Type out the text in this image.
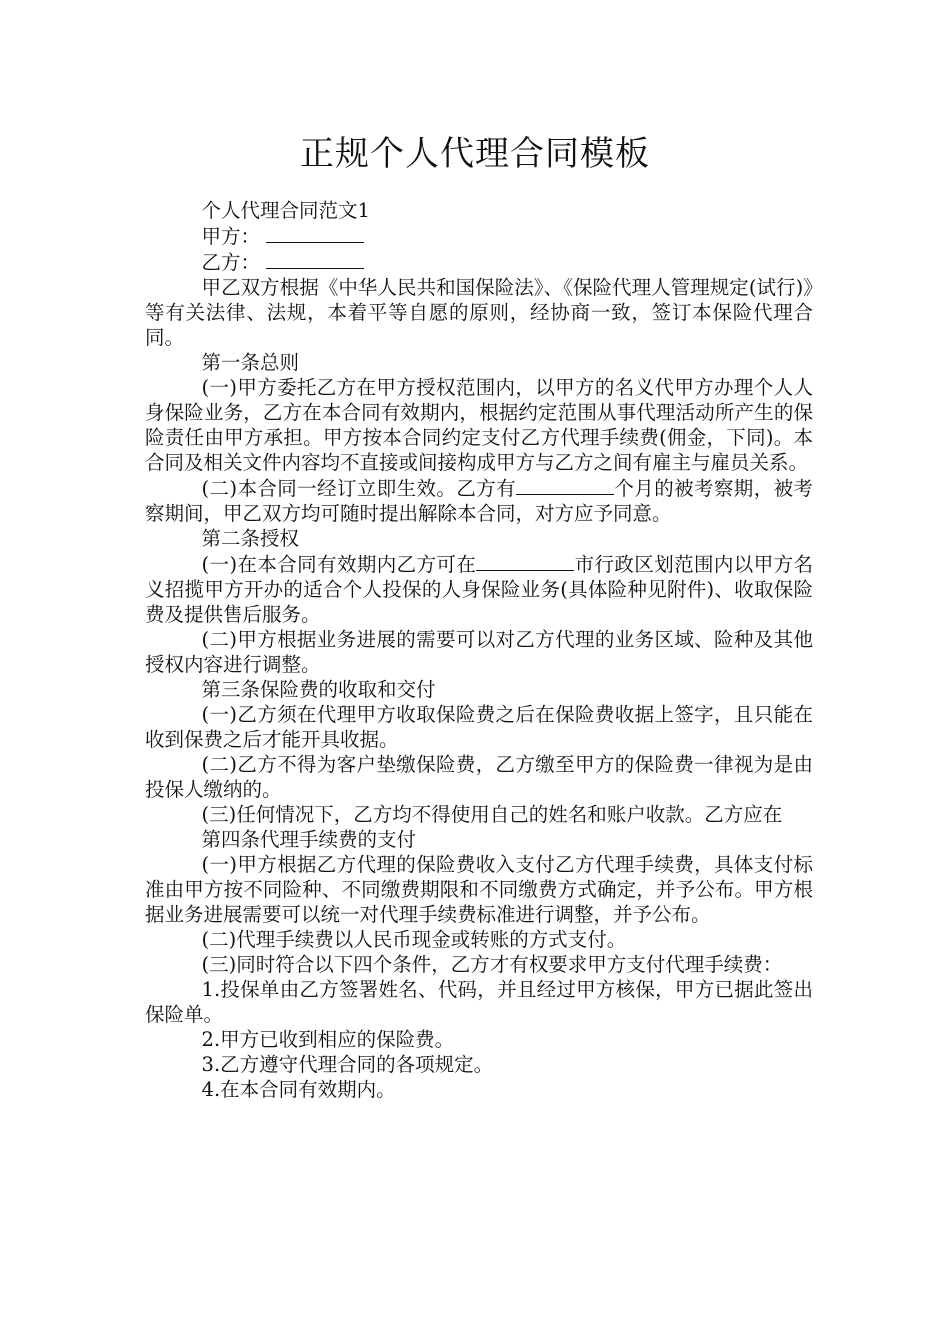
正规个人代理合同模板

个人代理合同范文1

甲方：

乙方：

甲乙双方根据《中华人民共和国保险法》、《保险代理人管理规定(试行)》等有关法律、法规，本着平等自愿的原则，经协商一致，签订本保险代理合同。

第一条总则

(一)甲方委托乙方在甲方授权范围内，以甲方的名义代甲方办理个人人身保险业务，乙方在本合同有效期内，根据约定范围从事代理活动所产生的保险责任由甲方承担。甲方按本合同约定支付乙方代理手续费(佣金，下同)。本合同及相关文件内容均不直接或间接构成甲方与乙方之间有雇主与雇员关系。

(二)本合同一经订立即生效。乙方有	个月的被考察期，被考察期间，甲乙双方均可随时提出解除本合同，对方应予同意。

第二条授权

(一)在本合同有效期内乙方可在	市行政区划范围内以甲方名义招揽甲方开办的适合个人投保的人身保险业务(具体险种见附件)、收取保险费及提供售后服务。

(二)甲方根据业务进展的需要可以对乙方代理的业务区域、险种及其他授权内容进行调整。

第三条保险费的收取和交付

(一)乙方须在代理甲方收取保险费之后在保险费收据上签字，且只能在收到保费之后才能开具收据。

(二)乙方不得为客户垫缴保险费，乙方缴至甲方的保险费一律视为是由投保人缴纳的。

(三)任何情况下，乙方均不得使用自己的姓名和账户收款。乙方应在

第四条代理手续费的支付

(一)甲方根据乙方代理的保险费收入支付乙方代理手续费，具体支付标准由甲方按不同险种、不同缴费期限和不同缴费方式确定，并予公布。甲方根据业务进展需要可以统一对代理手续费标准进行调整，并予公布。

(二)代理手续费以人民币现金或转账的方式支付。

(三)同时符合以下四个条件，乙方才有权要求甲方支付代理手续费：

1.投保单由乙方签署姓名、代码，并且经过甲方核保，甲方已据此签出保险单。

2.甲方已收到相应的保险费。

3.乙方遵守代理合同的各项规定。

4.在本合同有效期内。
